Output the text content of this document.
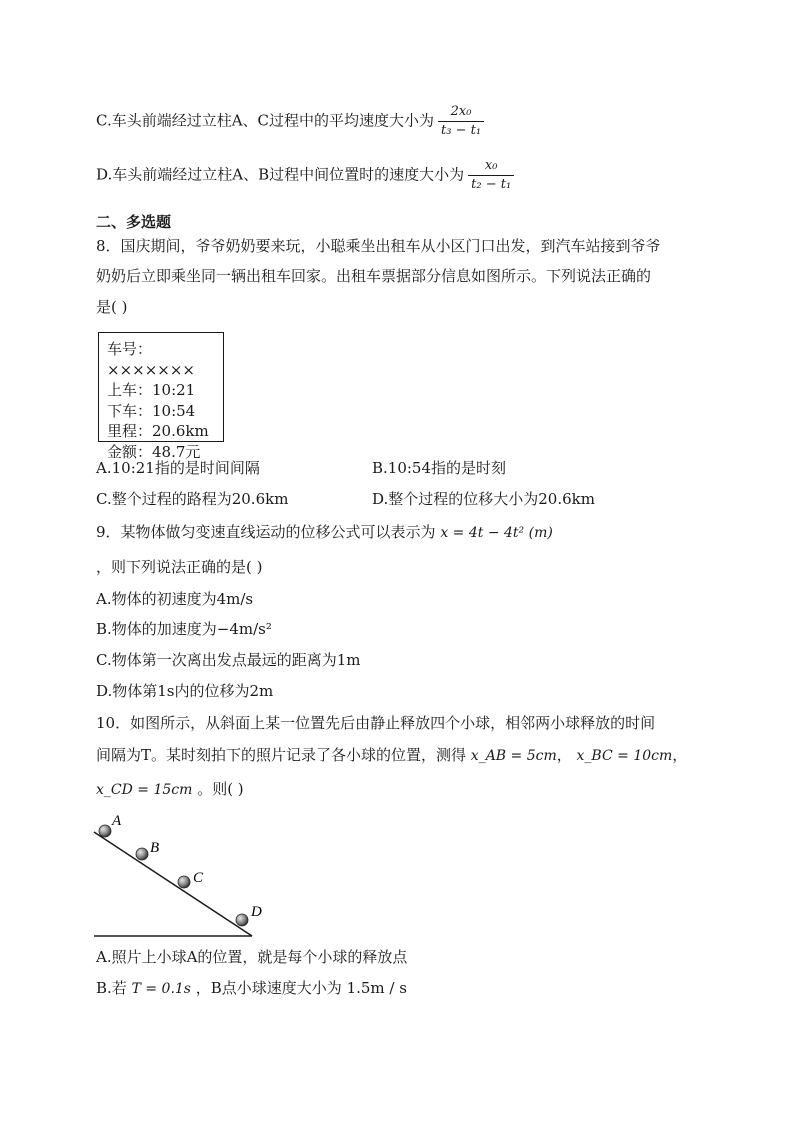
C.车头前端经过立柱A、C过程中的平均速度大小为 $\frac{\text{2x₀}}{\text{t₃ − t₁}}$
D.车头前端经过立柱A、B过程中间位置时的速度大小为 $\frac{\text{x₀}}{\text{t₂ − t₁}}$
二、多选题
8．国庆期间，爷爷奶奶要来玩，小聪乘坐出租车从小区门口出发，到汽车站接到爷爷
奶奶后立即乘坐同一辆出租车回家。出租车票据部分信息如图所示。下列说法正确的
是( )
车号：×××××××
上车：10:21
下车：10:54
里程：20.6km
金额：48.7元
A.10:21指的是时间间隔	B.10:54指的是时刻
C.整个过程的路程为20.6km	D.整个过程的位移大小为20.6km
9．某物体做匀变速直线运动的位移公式可以表示为 x = 4t − 4t² (m)
，则下列说法正确的是( )
A.物体的初速度为4m/s
B.物体的加速度为−4m/s²
C.物体第一次离出发点最远的距离为1m
D.物体第1s内的位移为2m
10．如图所示，从斜面上某一位置先后由静止释放四个小球，相邻两小球释放的时间
间隔为T。某时刻拍下的照片记录了各小球的位置，测得 x_AB = 5cm， x_BC = 10cm，
x_CD = 15cm 。则( )
A
B
C
D
A.照片上小球A的位置，就是每个小球的释放点
B.若 T = 0.1s ，B点小球速度大小为 1.5m / s
